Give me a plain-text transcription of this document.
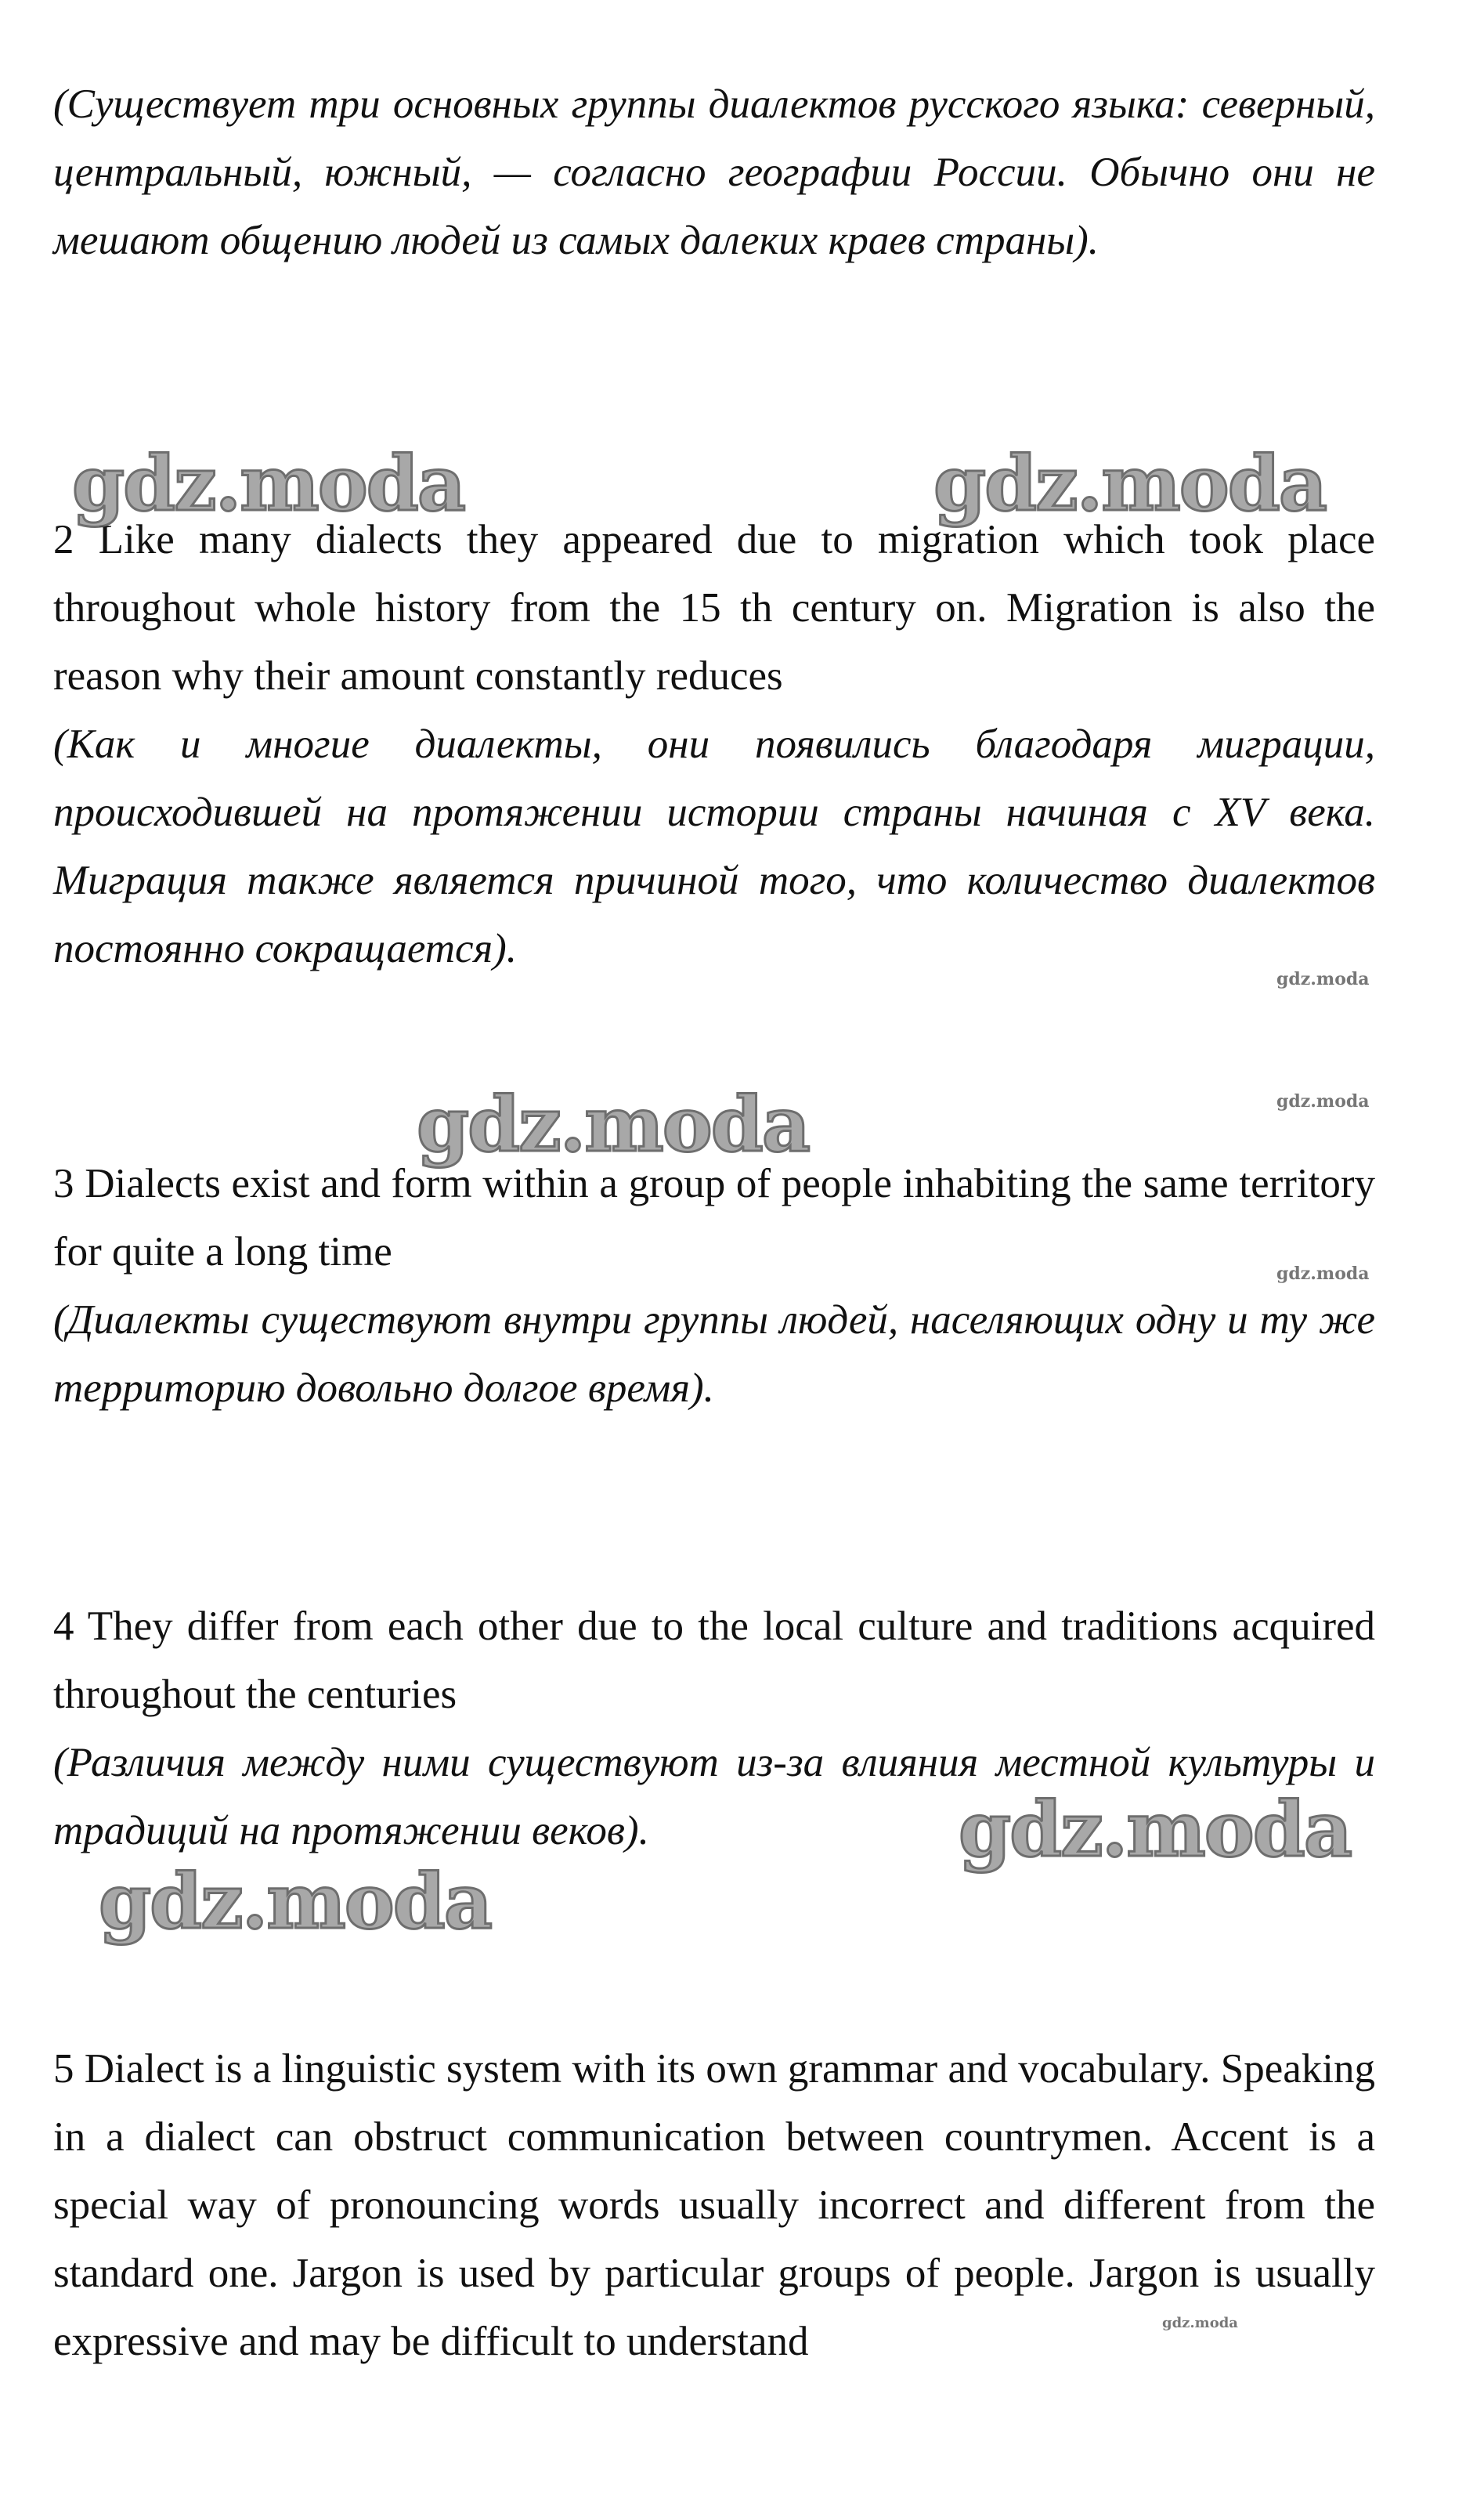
(Существует три основных группы диалектов русского языка: северный, центральный, южный, — согласно географии России. Обычно они не мешают общению людей из самых далеких краев страны).

2 Like many dialects they appeared due to migration which took place throughout whole history from the 15 th century on. Migration is also the reason why their amount constantly reduces
(Как и многие диалекты, они появились благодаря миграции, происходившей на протяжении истории страны начиная с XV века. Миграция также является причиной того, что количество диалектов постоянно сокращается).

3 Dialects exist and form within a group of people inhabiting the same territory for quite a long time
(Диалекты существуют внутри группы людей, населяющих одну и ту же территорию довольно долгое время).

4 They differ from each other due to the local culture and traditions acquired throughout the centuries
(Различия между ними существуют из-за влияния местной культуры и традиций на протяжении веков).

5 Dialect is a linguistic system with its own grammar and vocabulary. Speaking in a dialect can obstruct communication between countrymen. Accent is a special way of pronouncing words usually incorrect and different from the standard one. Jargon is used by particular groups of people. Jargon is usually expressive and may be difficult to understand

gdz.moda	gdz.moda
gdz.moda
gdz.moda
gdz.moda
gdz.moda
gdz.moda
gdz.moda
gdz.moda
